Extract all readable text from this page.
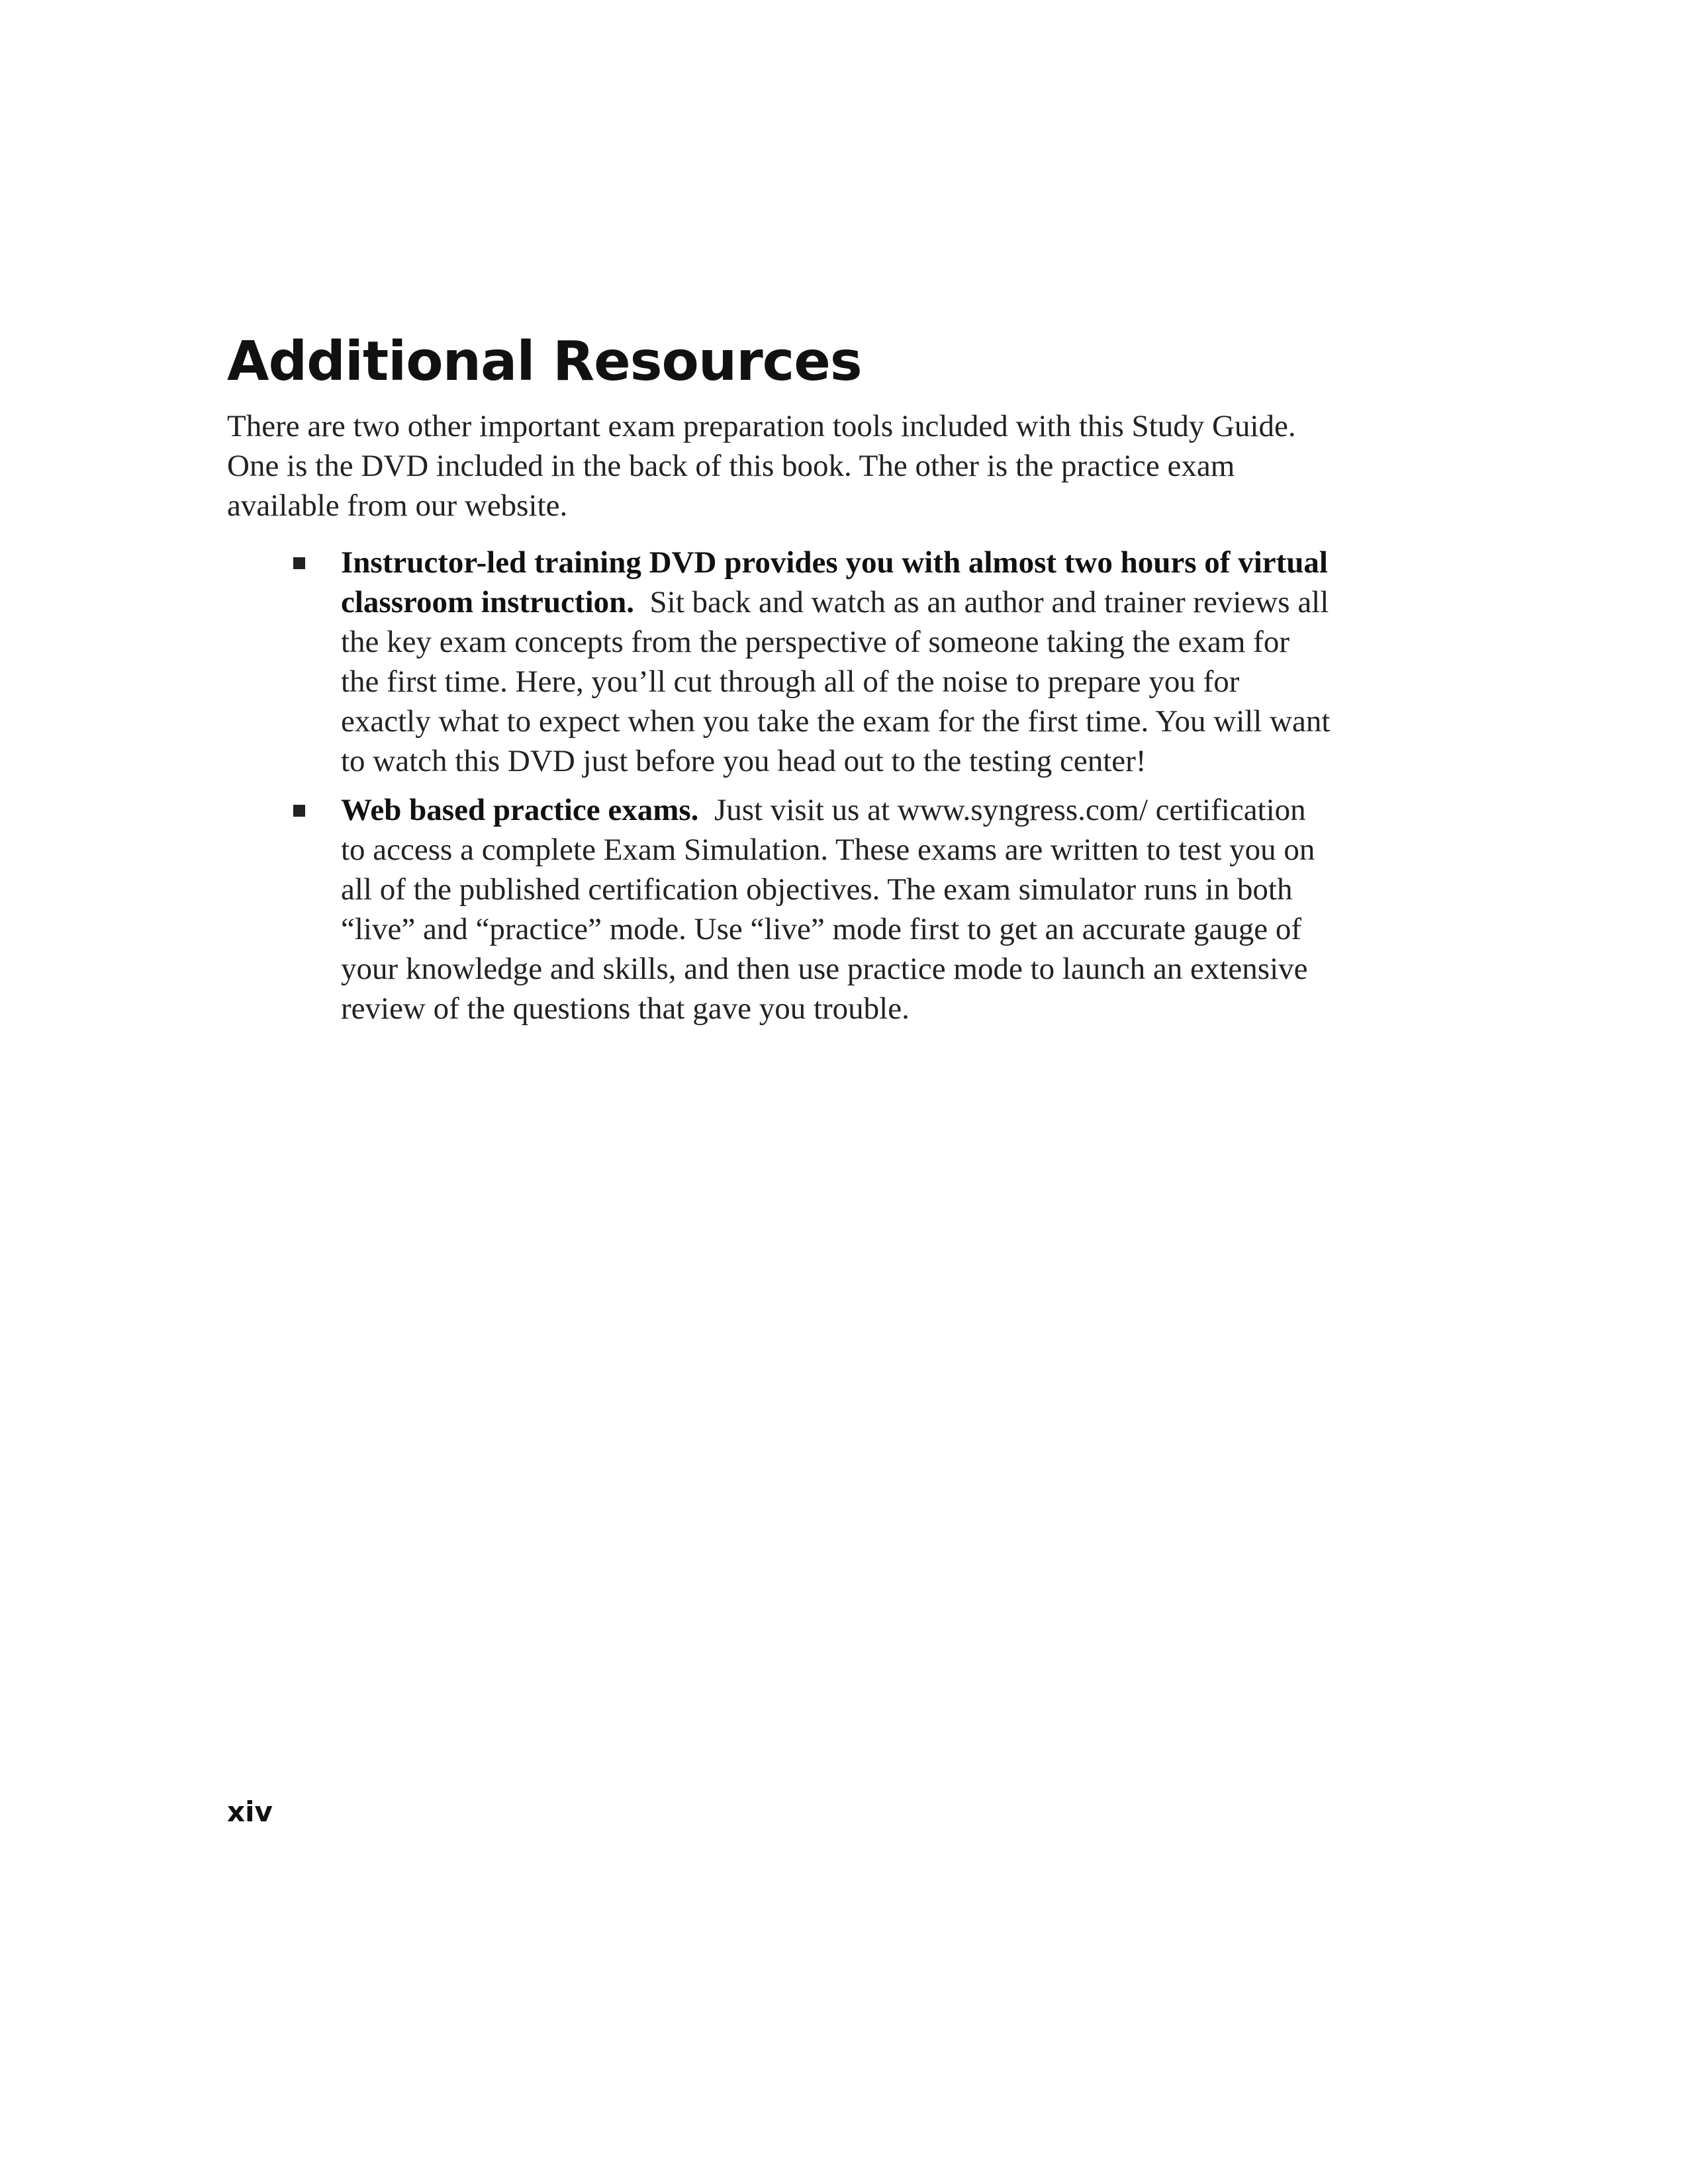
Additional Resources

There are two other important exam preparation tools included with this Study Guide. One is the DVD included in the back of this book. The other is the practice exam available from our website.

Instructor-led training DVD provides you with almost two hours of virtual classroom instruction. Sit back and watch as an author and trainer reviews all the key exam concepts from the perspective of someone taking the exam for the first time. Here, you’ll cut through all of the noise to prepare you for exactly what to expect when you take the exam for the first time. You will want to watch this DVD just before you head out to the testing center!
Web based practice exams. Just visit us at www.syngress.com/ certification to access a complete Exam Simulation. These exams are written to test you on all of the published certification objectives. The exam simulator runs in both “live” and “practice” mode. Use “live” mode first to get an accurate gauge of your knowledge and skills, and then use practice mode to launch an extensive review of the questions that gave you trouble.
xiv
